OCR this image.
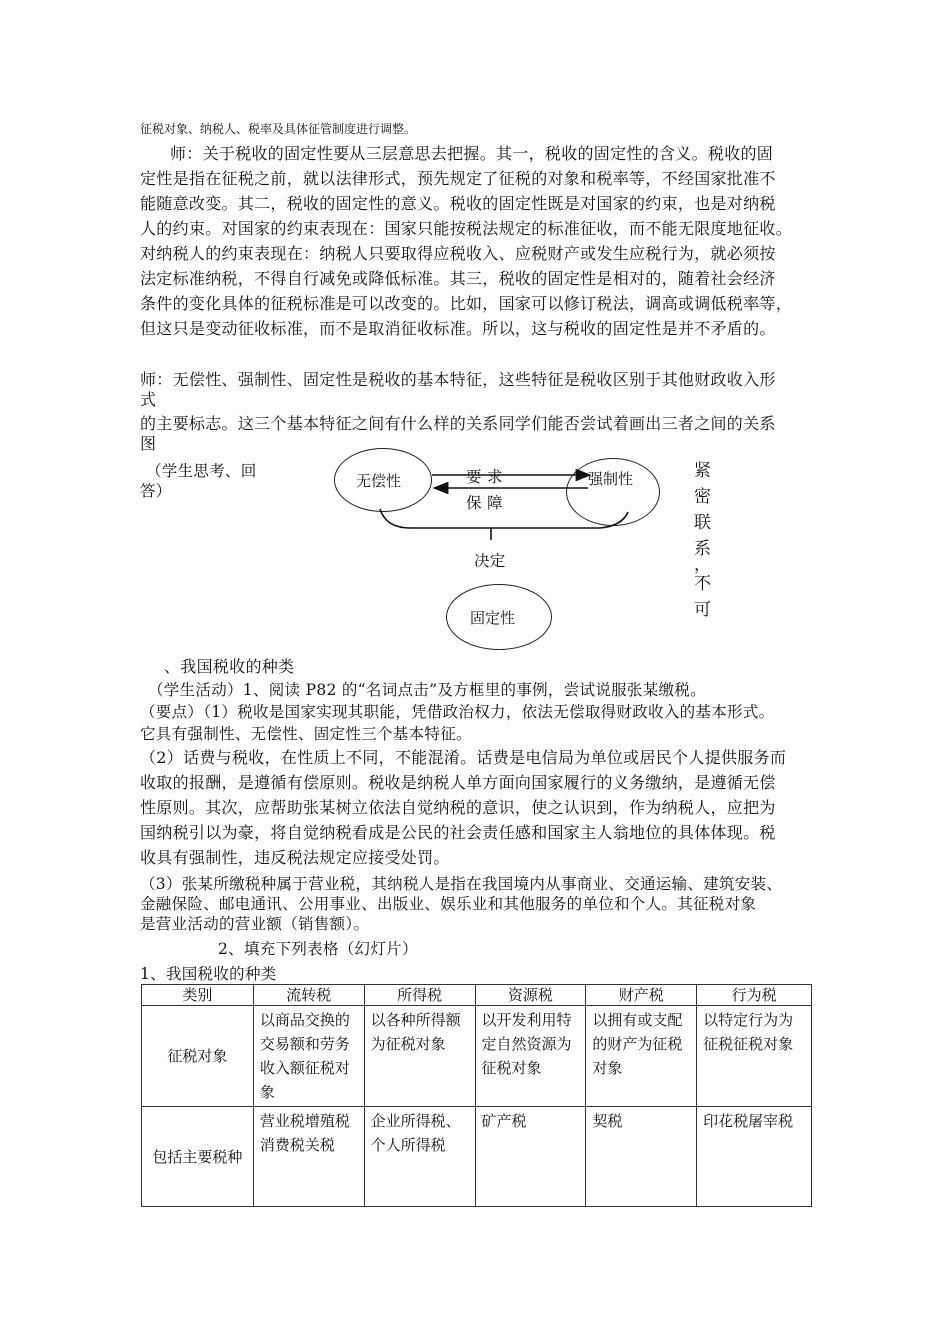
征税对象、纳税人、税率及具体征管制度进行调整。
师：关于税收的固定性要从三层意思去把握。其一，税收的固定性的含义。税收的固
定性是指在征税之前，就以法律形式，预先规定了征税的对象和税率等，不经国家批准不
能随意改变。其二，税收的固定性的意义。税收的固定性既是对国家的约束，也是对纳税
人的约束。对国家的约束表现在：国家只能按税法规定的标准征收，而不能无限度地征收。
对纳税人的约束表现在：纳税人只要取得应税收入、应税财产或发生应税行为，就必须按
法定标准纳税，不得自行减免或降低标准。其三，税收的固定性是相对的，随着社会经济
条件的变化具体的征税标准是可以改变的。比如，国家可以修订税法，调高或调低税率等，
但这只是变动征收标准，而不是取消征收标准。所以，这与税收的固定性是并不矛盾的。
师：无偿性、强制性、固定性是税收的基本特征，这些特征是税收区别于其他财政收入形
式
的主要标志。这三个基本特征之间有什么样的关系同学们能否尝试着画出三者之间的关系
图
（学生思考、回
答）
无偿性	强制性
固定性
要 求
保 障
决定
紧
密
联
系
，
不
可
、我国税收的种类
（学生活动）1、阅读 P82 的“名词点击”及方框里的事例，尝试说服张某缴税。
（要点）（1）税收是国家实现其职能，凭借政治权力，依法无偿取得财政收入的基本形式。
它具有强制性、无偿性、固定性三个基本特征。
（2）话费与税收，在性质上不同，不能混淆。话费是电信局为单位或居民个人提供服务而
收取的报酬，是遵循有偿原则。税收是纳税人单方面向国家履行的义务缴纳，是遵循无偿
性原则。其次，应帮助张某树立依法自觉纳税的意识，使之认识到，作为纳税人，应把为
国纳税引以为豪，将自觉纳税看成是公民的社会责任感和国家主人翁地位的具体体现。税
收具有强制性，违反税法规定应接受处罚。
（3）张某所缴税种属于营业税，其纳税人是指在我国境内从事商业、交通运输、建筑安装、
金融保险、邮电通讯、公用事业、出版业、娱乐业和其他服务的单位和个人。其征税对象
是营业活动的营业额（销售额）。
2、填充下列表格（幻灯片）
1、我国税收的种类
类别	流转税	所得税	资源税	财产税	行为税
征税对象	以商品交换的交易额和劳务收入额征税对象	以各种所得额为征税对象	以开发利用特定自然资源为征税对象	以拥有或支配的财产为征税对象	以特定行为为征税征税对象
包括主要税种	营业税增殖税消费税关税	企业所得税、个人所得税	矿产税	契税	印花税屠宰税
